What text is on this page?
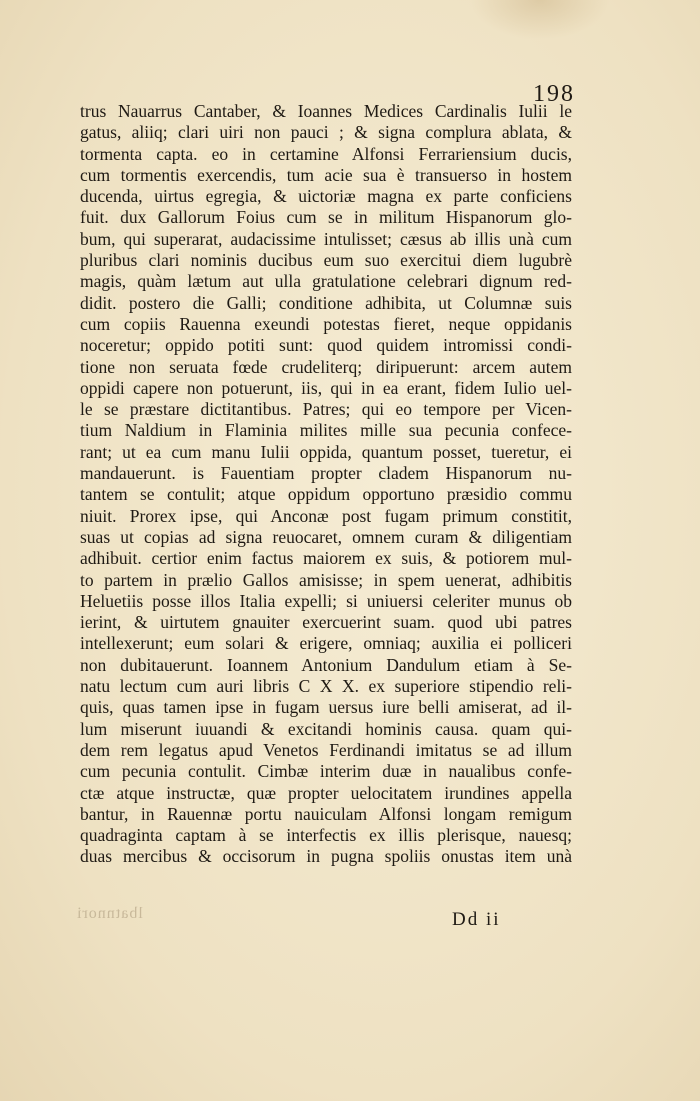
198
trus Nauarrus Cantaber, & Ioannes Medices Cardinalis Iulii le
gatus, aliiq; clari uiri non pauci ; & signa complura ablata, &
tormenta capta. eo in certamine Alfonsi Ferrariensium ducis,
cum tormentis exercendis, tum acie sua è transuerso in hostem
ducenda, uirtus egregia, & uictoriæ magna ex parte conficiens
fuit. dux Gallorum Foius cum se in militum Hispanorum glo-
bum, qui superarat, audacissime intulisset; cæsus ab illis unà cum
pluribus clari nominis ducibus eum suo exercitui diem lugubrè
magis, quàm lætum aut ulla gratulatione celebrari dignum red-
didit. postero die Galli; conditione adhibita, ut Columnæ suis
cum copiis Rauenna exeundi potestas fieret, neque oppidanis
noceretur; oppido potiti sunt: quod quidem intromissi condi-
tione non seruata fœde crudeliterq; diripuerunt: arcem autem
oppidi capere non potuerunt, iis, qui in ea erant, fidem Iulio uel-
le se præstare dictitantibus. Patres; qui eo tempore per Vicen-
tium Naldium in Flaminia milites mille sua pecunia confece-
rant; ut ea cum manu Iulii oppida, quantum posset, tueretur, ei
mandauerunt. is Fauentiam propter cladem Hispanorum nu-
tantem se contulit; atque oppidum opportuno præsidio commu
niuit. Prorex ipse, qui Anconæ post fugam primum constitit,
suas ut copias ad signa reuocaret, omnem curam & diligentiam
adhibuit. certior enim factus maiorem ex suis, & potiorem mul-
to partem in prælio Gallos amisisse; in spem uenerat, adhibitis
Heluetiis posse illos Italia expelli; si uniuersi celeriter munus ob
ierint, & uirtutem gnauiter exercuerint suam. quod ubi patres
intellexerunt; eum solari & erigere, omniaq; auxilia ei polliceri
non dubitauerunt. Ioannem Antonium Dandulum etiam à Se-
natu lectum cum auri libris C X X. ex superiore stipendio reli-
quis, quas tamen ipse in fugam uersus iure belli amiserat, ad il-
lum miserunt iuuandi & excitandi hominis causa. quam qui-
dem rem legatus apud Venetos Ferdinandi imitatus se ad illum
cum pecunia contulit. Cimbæ interim duæ in naualibus confe-
ctæ atque instructæ, quæ propter uelocitatem irundines appella
bantur, in Rauennæ portu nauiculam Alfonsi longam remigum
quadraginta captam à se interfectis ex illis plerisque, nauesq;
duas mercibus & occisorum in pugna spoliis onustas item unà
lbatnnori	Dd ii
